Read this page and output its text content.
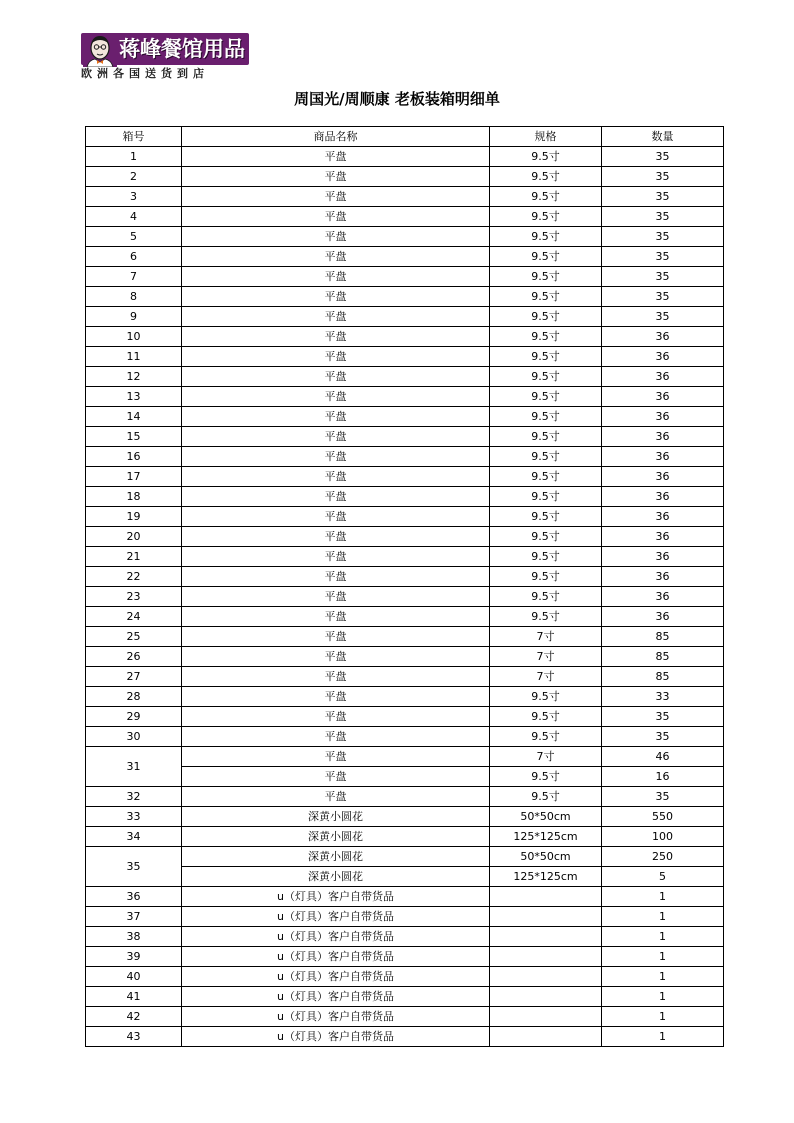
蒋峰餐馆用品
欧洲各国送货到店
周国光/周顺康 老板装箱明细单
箱号	商品名称	规格	数量
1	平盘	9.5寸	35
2	平盘	9.5寸	35
3	平盘	9.5寸	35
4	平盘	9.5寸	35
5	平盘	9.5寸	35
6	平盘	9.5寸	35
7	平盘	9.5寸	35
8	平盘	9.5寸	35
9	平盘	9.5寸	35
10	平盘	9.5寸	36
11	平盘	9.5寸	36
12	平盘	9.5寸	36
13	平盘	9.5寸	36
14	平盘	9.5寸	36
15	平盘	9.5寸	36
16	平盘	9.5寸	36
17	平盘	9.5寸	36
18	平盘	9.5寸	36
19	平盘	9.5寸	36
20	平盘	9.5寸	36
21	平盘	9.5寸	36
22	平盘	9.5寸	36
23	平盘	9.5寸	36
24	平盘	9.5寸	36
25	平盘	7寸	85
26	平盘	7寸	85
27	平盘	7寸	85
28	平盘	9.5寸	33
29	平盘	9.5寸	35
30	平盘	9.5寸	35
31	平盘	7寸	46
	平盘	9.5寸	16
32	平盘	9.5寸	35
33	深黄小圆花	50*50cm	550
34	深黄小圆花	125*125cm	100
35	深黄小圆花	50*50cm	250
	深黄小圆花	125*125cm	5
36	u（灯具）客户自带货品		1
37	u（灯具）客户自带货品		1
38	u（灯具）客户自带货品		1
39	u（灯具）客户自带货品		1
40	u（灯具）客户自带货品		1
41	u（灯具）客户自带货品		1
42	u（灯具）客户自带货品		1
43	u（灯具）客户自带货品		1
